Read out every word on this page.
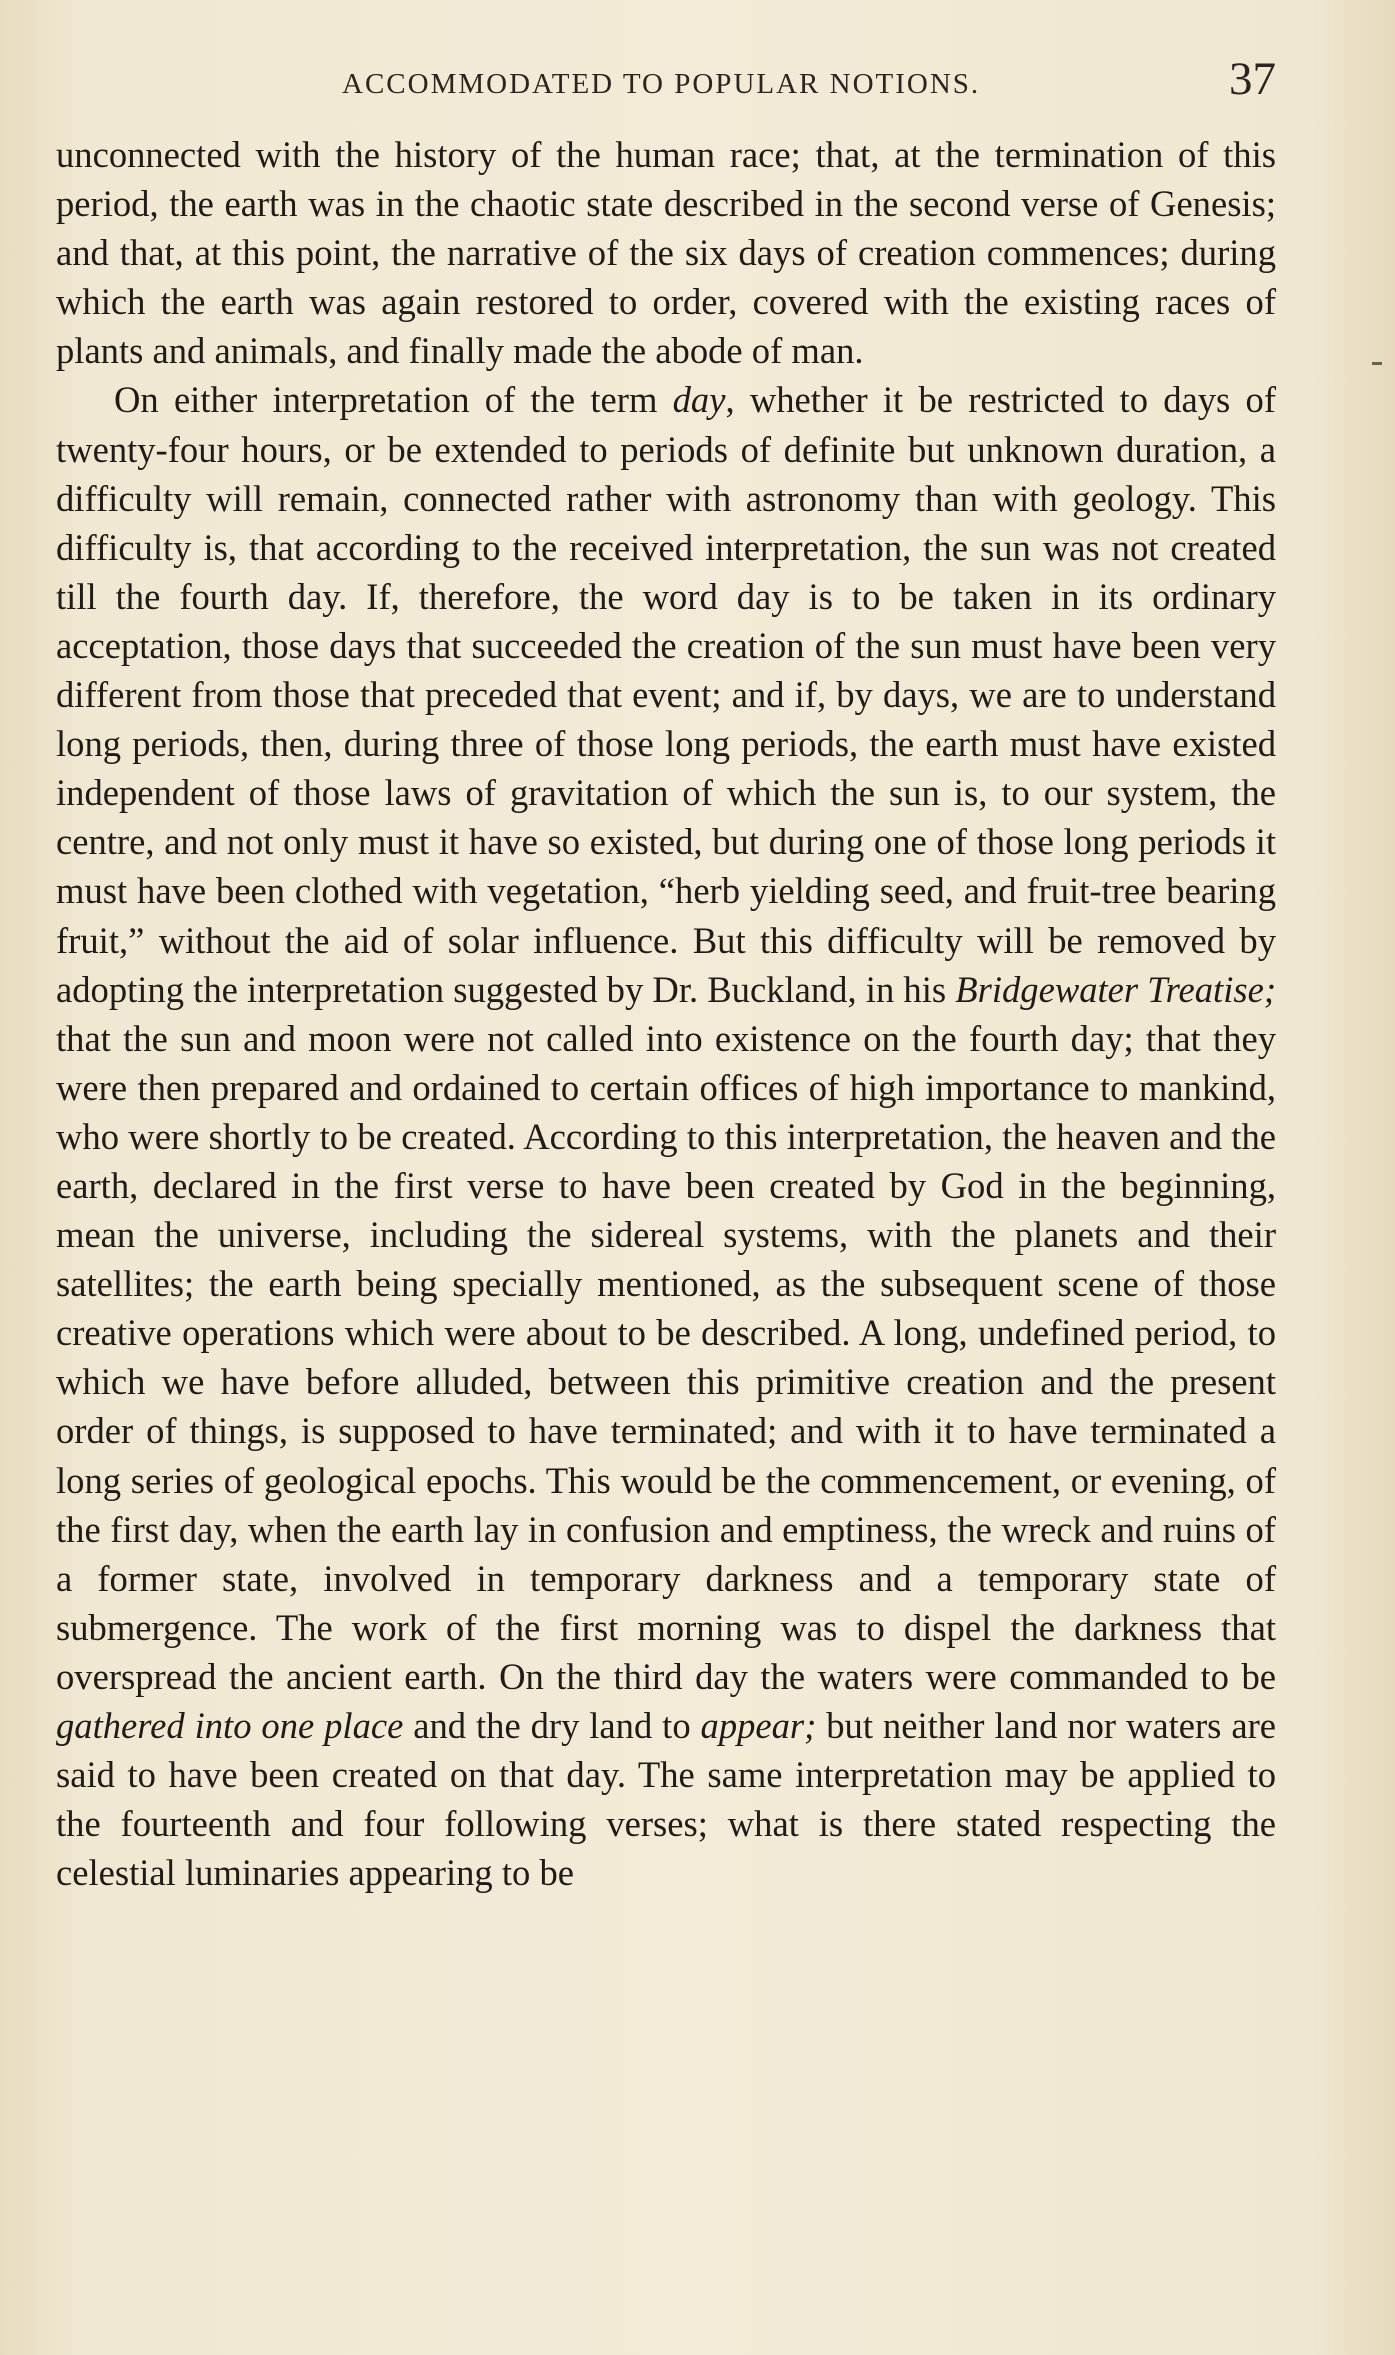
ACCOMMODATED TO POPULAR NOTIONS.	37

unconnected with the history of the human race; that, at the termination of this period, the earth was in the chaotic state described in the second verse of Genesis; and that, at this point, the narrative of the six days of creation commences; during which the earth was again restored to order, covered with the existing races of plants and animals, and finally made the abode of man.

On either interpretation of the term day, whether it be restricted to days of twenty-four hours, or be extended to periods of definite but unknown duration, a difficulty will remain, connected rather with astronomy than with geology. This difficulty is, that according to the received interpretation, the sun was not created till the fourth day. If, therefore, the word day is to be taken in its ordinary acceptation, those days that succeeded the creation of the sun must have been very different from those that preceded that event; and if, by days, we are to understand long periods, then, during three of those long periods, the earth must have existed independent of those laws of gravitation of which the sun is, to our system, the centre, and not only must it have so existed, but during one of those long periods it must have been clothed with vegetation, “herb yielding seed, and fruit-tree bearing fruit,” without the aid of solar influence. But this difficulty will be removed by adopting the interpretation suggested by Dr. Buckland, in his Bridgewater Treatise; that the sun and moon were not called into existence on the fourth day; that they were then prepared and ordained to certain offices of high importance to mankind, who were shortly to be created. According to this interpretation, the heaven and the earth, declared in the first verse to have been created by God in the beginning, mean the universe, including the sidereal systems, with the planets and their satellites; the earth being specially mentioned, as the subsequent scene of those creative operations which were about to be described. A long, undefined period, to which we have before alluded, between this primitive creation and the present order of things, is supposed to have terminated; and with it to have terminated a long series of geological epochs. This would be the commencement, or evening, of the first day, when the earth lay in confusion and emptiness, the wreck and ruins of a former state, involved in temporary darkness and a temporary state of submergence. The work of the first morning was to dispel the darkness that overspread the ancient earth. On the third day the waters were commanded to be gathered into one place and the dry land to appear; but neither land nor waters are said to have been created on that day. The same interpretation may be applied to the fourteenth and four following verses; what is there stated respecting the celestial luminaries appearing to be
